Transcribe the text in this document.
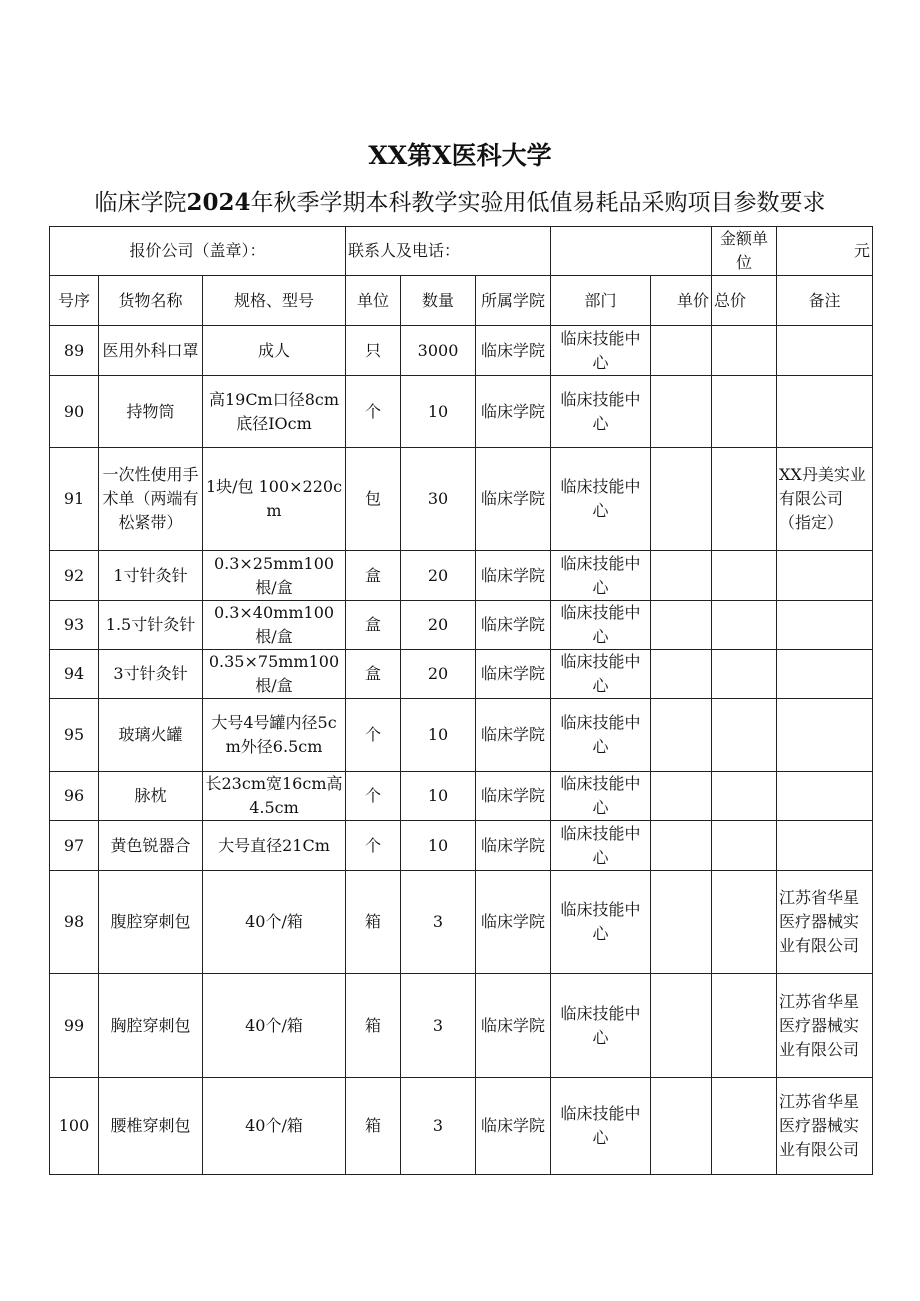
XX第X医科大学
临床学院2024年秋季学期本科教学实验用低值易耗品采购项目参数要求
报价公司（盖章）：			联系人及电话：					金额单位	元
号序	货物名称	规格、型号	单位	数量	所属学院	部门	单价	总价	备注
89	医用外科口罩	成人	只	3000	临床学院	临床技能中心			
90	持物筒	高19Cm口径8cm底径IOcm	个	10	临床学院	临床技能中心			
91	一次性使用手术单（两端有松紧带）	1块/包 100×220cm	包	30	临床学院	临床技能中心			XX丹美实业有限公司（指定）
92	1寸针灸针	0.3×25mm100根/盒	盒	20	临床学院	临床技能中心			
93	1.5寸针灸针	0.3×40mm100根/盒	盒	20	临床学院	临床技能中心			
94	3寸针灸针	0.35×75mm100根/盒	盒	20	临床学院	临床技能中心			
95	玻璃火罐	大号4号罐内径5cm外径6.5cm	个	10	临床学院	临床技能中心			
96	脉枕	长23cm宽16cm高4.5cm	个	10	临床学院	临床技能中心			
97	黄色锐器合	大号直径21Cm	个	10	临床学院	临床技能中心			
98	腹腔穿刺包	40个/箱	箱	3	临床学院	临床技能中心			江苏省华星医疗器械实业有限公司
99	胸腔穿刺包	40个/箱	箱	3	临床学院	临床技能中心			江苏省华星医疗器械实业有限公司
100	腰椎穿刺包	40个/箱	箱	3	临床学院	临床技能中心			江苏省华星医疗器械实业有限公司
